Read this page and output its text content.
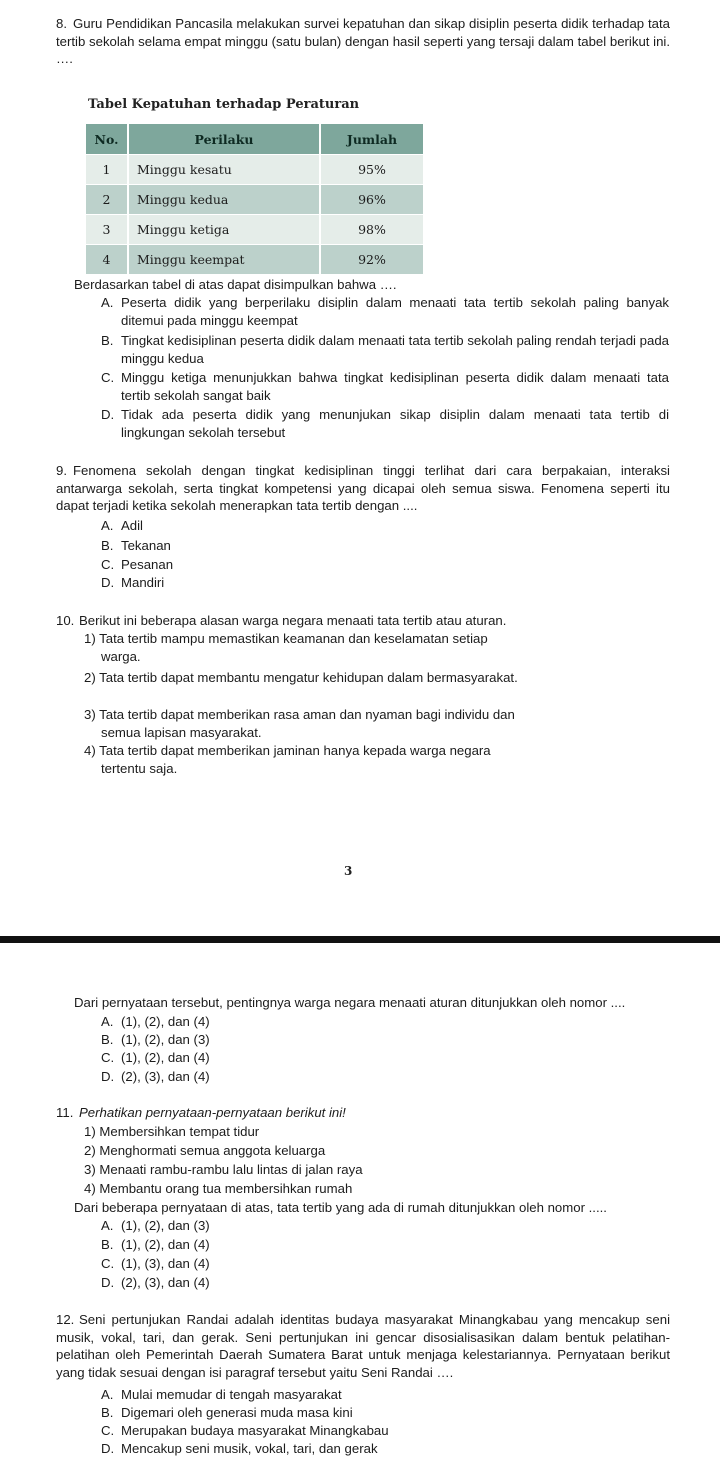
8. Guru Pendidikan Pancasila melakukan survei kepatuhan dan sikap disiplin peserta didik terhadap tata tertib sekolah selama empat minggu (satu bulan) dengan hasil seperti yang tersaji dalam tabel berikut ini. ….
Tabel Kepatuhan terhadap Peraturan
No.	Perilaku	Jumlah
1	Minggu kesatu	95%
2	Minggu kedua	96%
3	Minggu ketiga	98%
4	Minggu keempat	92%
Berdasarkan tabel di atas dapat disimpulkan bahwa ….
A. Peserta didik yang berperilaku disiplin dalam menaati tata tertib sekolah paling banyak ditemui pada minggu keempat
B. Tingkat kedisiplinan peserta didik dalam menaati tata tertib sekolah paling rendah terjadi pada minggu kedua
C. Minggu ketiga menunjukkan bahwa tingkat kedisiplinan peserta didik dalam menaati tata tertib sekolah sangat baik
D. Tidak ada peserta didik yang menunjukan sikap disiplin dalam menaati tata tertib di lingkungan sekolah tersebut
9. Fenomena sekolah dengan tingkat kedisiplinan tinggi terlihat dari cara berpakaian, interaksi antarwarga sekolah, serta tingkat kompetensi yang dicapai oleh semua siswa. Fenomena seperti itu dapat terjadi ketika sekolah menerapkan tata tertib dengan ....
A. Adil
B. Tekanan
C. Pesanan
D. Mandiri
10. Berikut ini beberapa alasan warga negara menaati tata tertib atau aturan.
1) Tata tertib mampu memastikan keamanan dan keselamatan setiap warga.
2) Tata tertib dapat membantu mengatur kehidupan dalam bermasyarakat.
3) Tata tertib dapat memberikan rasa aman dan nyaman bagi individu dan semua lapisan masyarakat.
4) Tata tertib dapat memberikan jaminan hanya kepada warga negara tertentu saja.
3
Dari pernyataan tersebut, pentingnya warga negara menaati aturan ditunjukkan oleh nomor ....
A. (1), (2), dan (4)
B. (1), (2), dan (3)
C. (1), (2), dan (4)
D. (2), (3), dan (4)
11. Perhatikan pernyataan-pernyataan berikut ini!
1) Membersihkan tempat tidur
2) Menghormati semua anggota keluarga
3) Menaati rambu-rambu lalu lintas di jalan raya
4) Membantu orang tua membersihkan rumah
Dari beberapa pernyataan di atas, tata tertib yang ada di rumah ditunjukkan oleh nomor .....
A. (1), (2), dan (3)
B. (1), (2), dan (4)
C. (1), (3), dan (4)
D. (2), (3), dan (4)
12. Seni pertunjukan Randai adalah identitas budaya masyarakat Minangkabau yang mencakup seni musik, vokal, tari, dan gerak. Seni pertunjukan ini gencar disosialisasikan dalam bentuk pelatihan-pelatihan oleh Pemerintah Daerah Sumatera Barat untuk menjaga kelestariannya. Pernyataan berikut yang tidak sesuai dengan isi paragraf tersebut yaitu Seni Randai ….
A. Mulai memudar di tengah masyarakat
B. Digemari oleh generasi muda masa kini
C. Merupakan budaya masyarakat Minangkabau
D. Mencakup seni musik, vokal, tari, dan gerak
